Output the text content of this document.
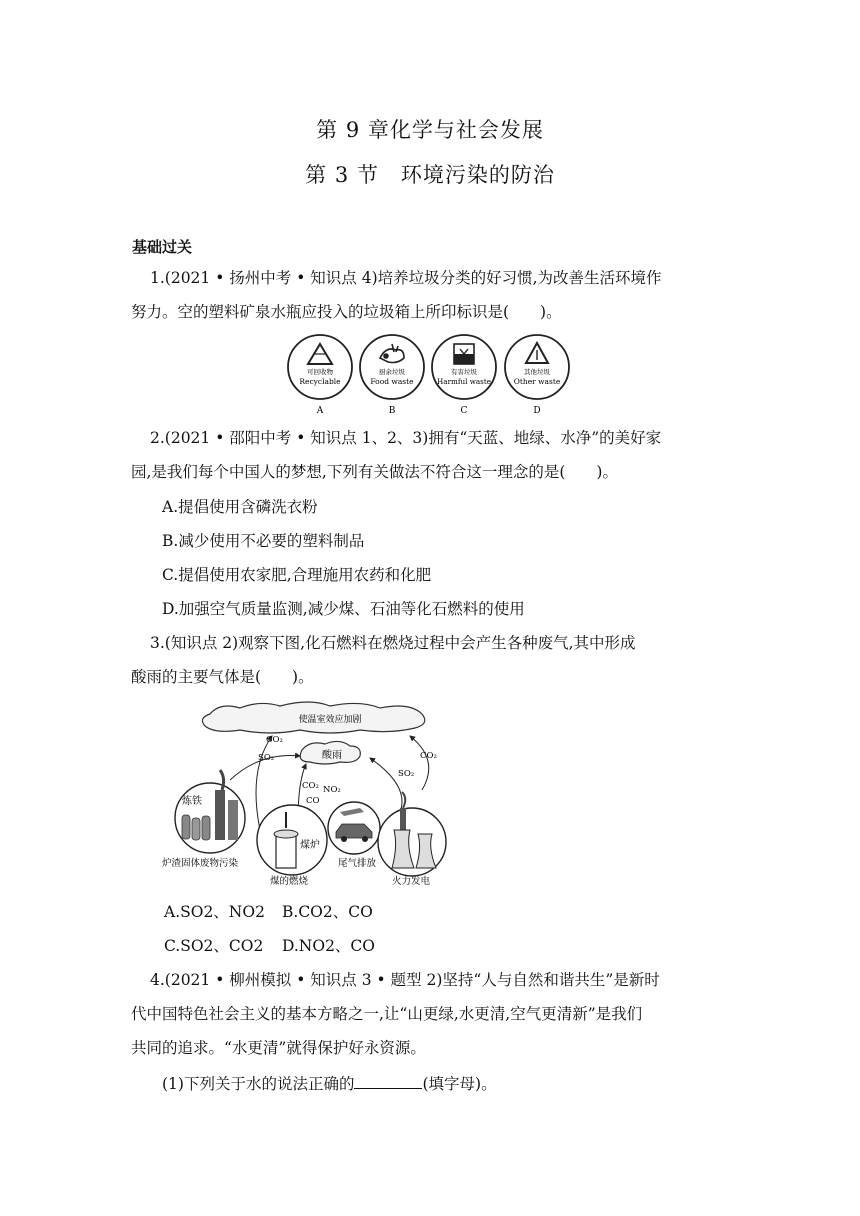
第 9 章化学与社会发展
第 3 节　环境污染的防治
基础过关
1.(2021 • 扬州中考 • 知识点 4)培养垃圾分类的好习惯,为改善生活环境作
努力。空的塑料矿泉水瓶应投入的垃圾箱上所印标识是(　　)。
可回收物
Recyclable
A
厨余垃圾
Food waste
B
有害垃圾
Harmful waste
C
其他垃圾
Other waste
D
2.(2021 • 邵阳中考 • 知识点 1、2、3)拥有“天蓝、地绿、水净”的美好家
园,是我们每个中国人的梦想,下列有关做法不符合这一理念的是(　　)。
A.提倡使用含磷洗衣粉
B.减少使用不必要的塑料制品
C.提倡使用农家肥,合理施用农药和化肥
D.加强空气质量监测,减少煤、石油等化石燃料的使用
3.(知识点 2)观察下图,化石燃料在燃烧过程中会产生各种废气,其中形成
酸雨的主要气体是(　　)。
使温室效应加剧
酸雨
CO₂
SO₂
CO₂ NO₂
CO
SO₂
CO₂
炼铁
煤炉
炉渣固体废物污染
煤的燃烧
尾气排放
火力发电
A.SO2、NO2 B.CO2、CO
C.SO2、CO2 D.NO2、CO
4.(2021 • 柳州模拟 • 知识点 3 • 题型 2)坚持“人与自然和谐共生”是新时
代中国特色社会主义的基本方略之一,让“山更绿,水更清,空气更清新”是我们
共同的追求。“水更清”就得保护好永资源。
(1)下列关于水的说法正确的	(填字母)。
